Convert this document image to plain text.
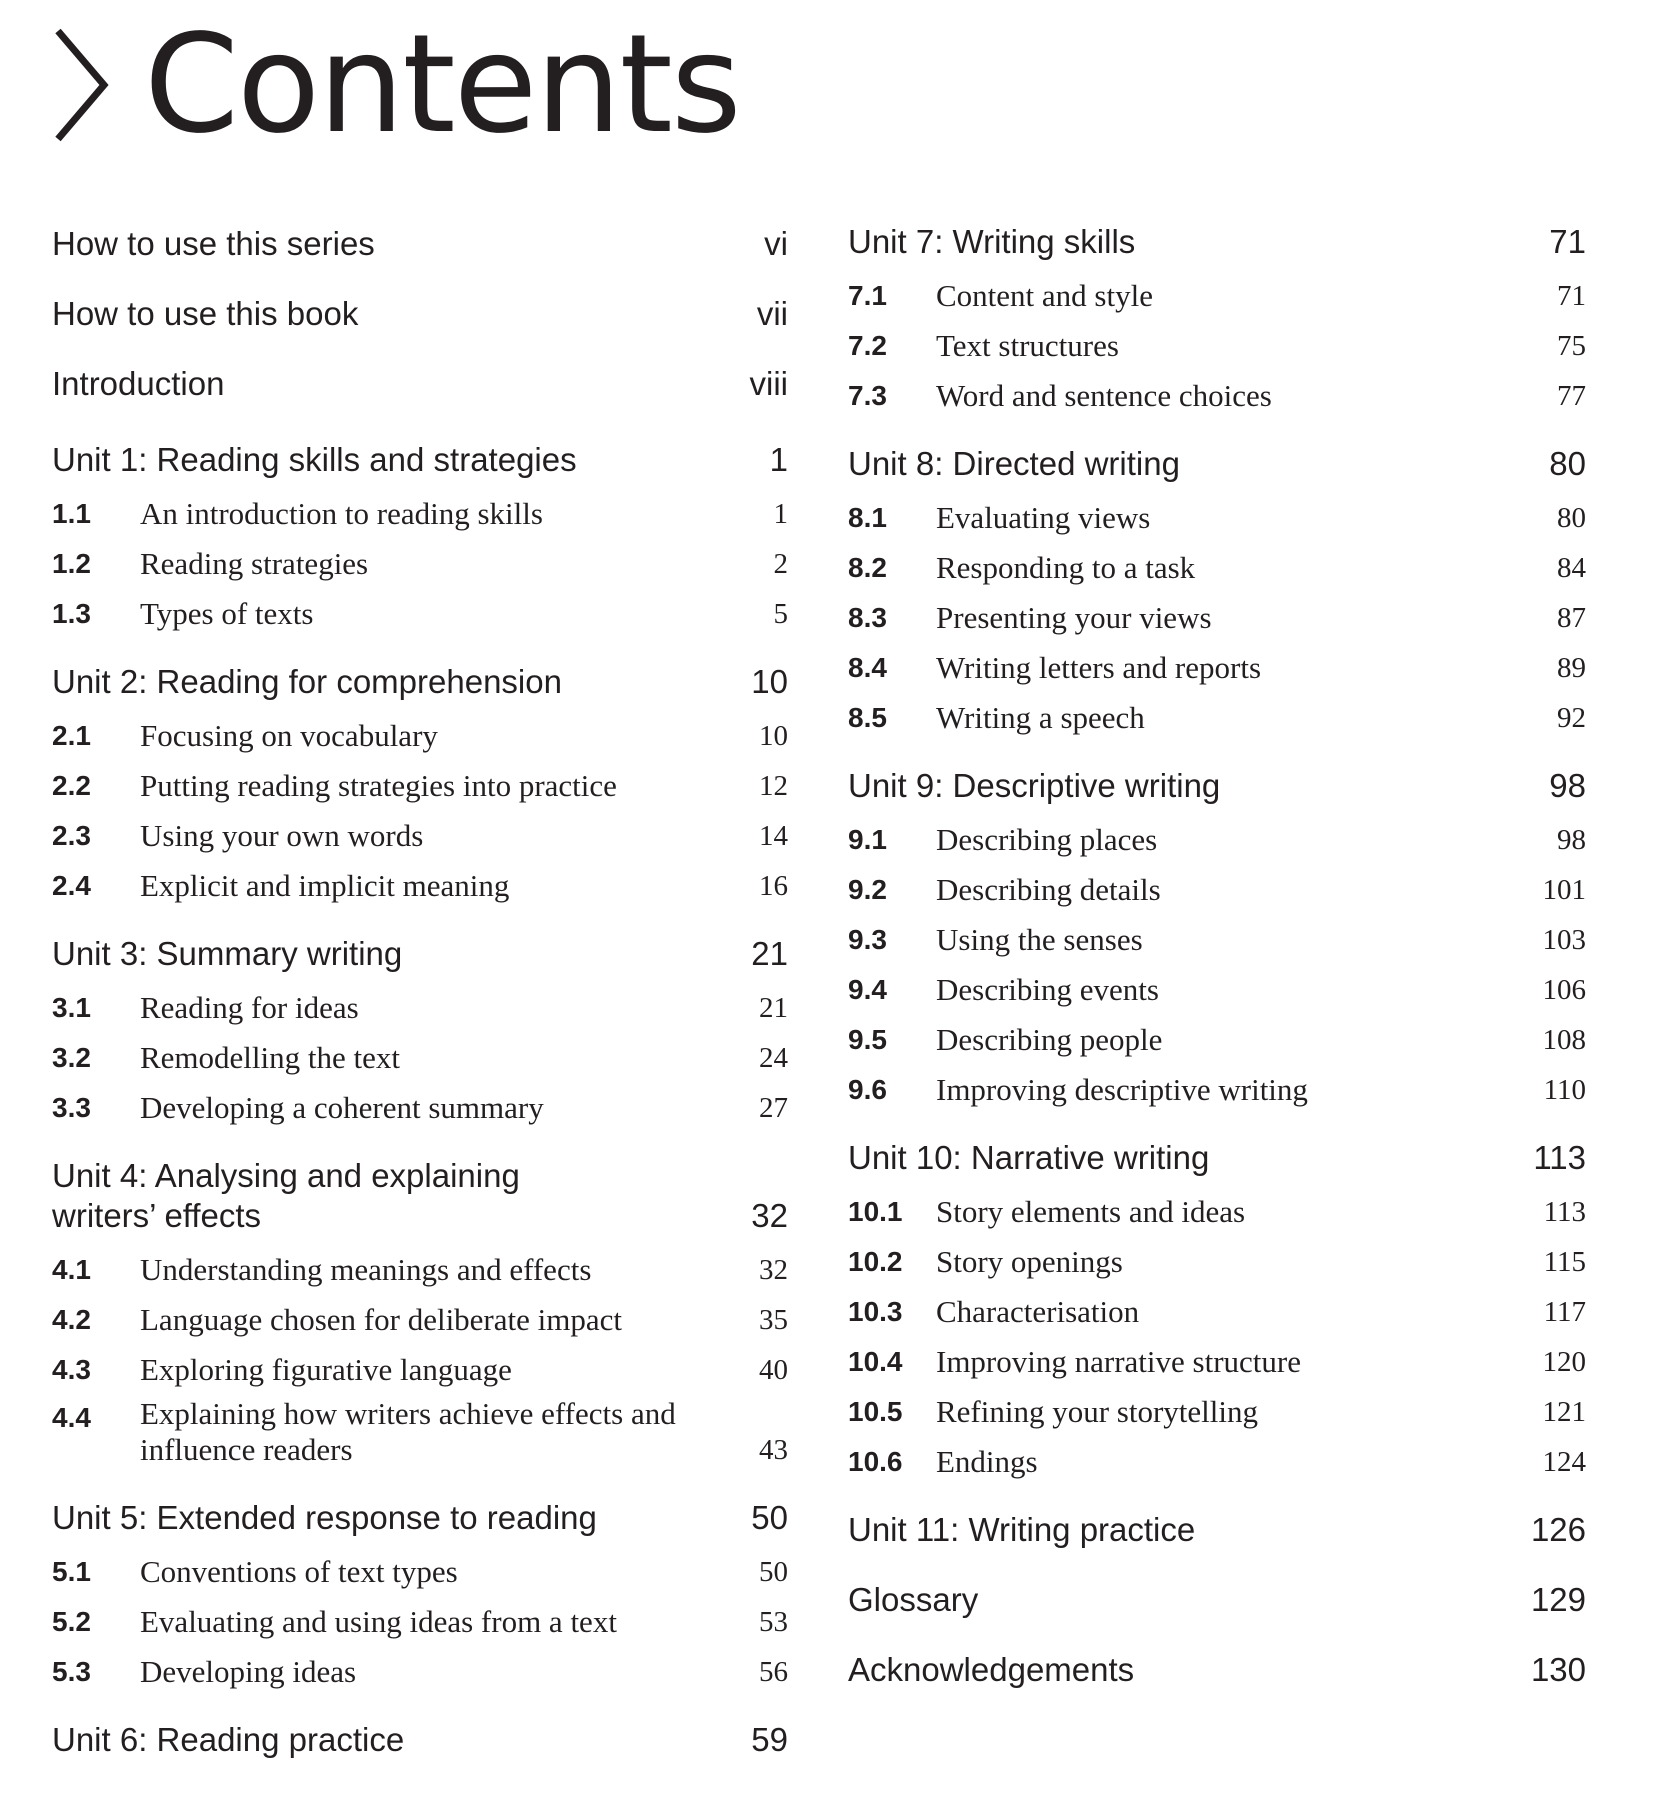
Contents
How to use this series	vi
How to use this book	vii
Introduction	viii
Unit 1: Reading skills and strategies	1
1.1	An introduction to reading skills	1
1.2	Reading strategies	2
1.3	Types of texts	5
Unit 2: Reading for comprehension	10
2.1	Focusing on vocabulary	10
2.2	Putting reading strategies into practice	12
2.3	Using your own words	14
2.4	Explicit and implicit meaning	16
Unit 3: Summary writing	21
3.1	Reading for ideas	21
3.2	Remodelling the text	24
3.3	Developing a coherent summary	27
Unit 4: Analysing and explaining
writers’ effects	32
4.1	Understanding meanings and effects	32
4.2	Language chosen for deliberate impact	35
4.3	Exploring figurative language	40
4.4	Explaining how writers achieve effects and
influence readers	43
Unit 5: Extended response to reading	50
5.1	Conventions of text types	50
5.2	Evaluating and using ideas from a text	53
5.3	Developing ideas	56
Unit 6: Reading practice	59
Unit 7: Writing skills	71
7.1	Content and style	71
7.2	Text structures	75
7.3	Word and sentence choices	77
Unit 8: Directed writing	80
8.1	Evaluating views	80
8.2	Responding to a task	84
8.3	Presenting your views	87
8.4	Writing letters and reports	89
8.5	Writing a speech	92
Unit 9: Descriptive writing	98
9.1	Describing places	98
9.2	Describing details	101
9.3	Using the senses	103
9.4	Describing events	106
9.5	Describing people	108
9.6	Improving descriptive writing	110
Unit 10: Narrative writing	113
10.1	Story elements and ideas	113
10.2	Story openings	115
10.3	Characterisation	117
10.4	Improving narrative structure	120
10.5	Refining your storytelling	121
10.6	Endings	124
Unit 11: Writing practice	126
Glossary	129
Acknowledgements	130
